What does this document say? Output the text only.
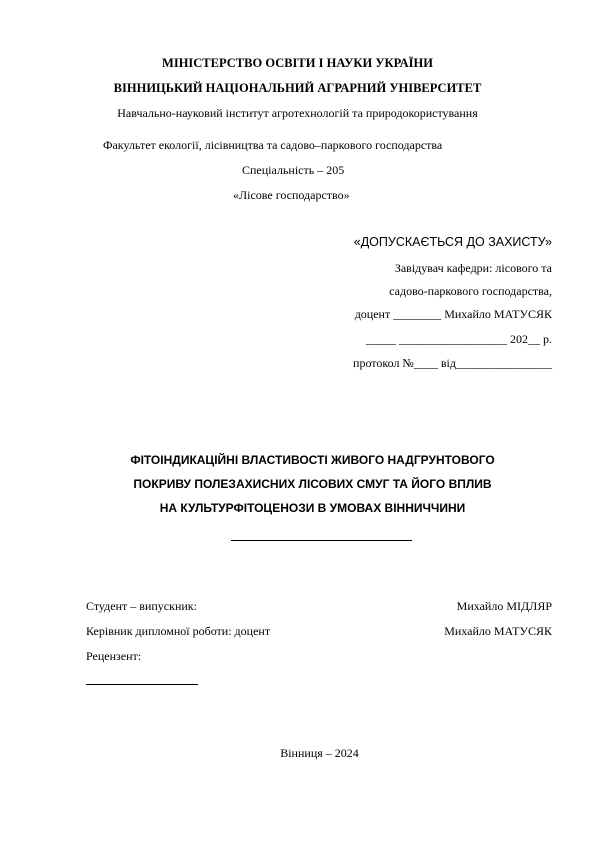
МІНІСТЕРСТВО ОСВІТИ І НАУКИ УКРАЇНИ
ВІННИЦЬКИЙ НАЦІОНАЛЬНИЙ АГРАРНИЙ УНІВЕРСИТЕТ
Навчально-науковий інститут агротехнологій та природокористування
Факультет екології, лісівництва та садово–паркового господарства
Спеціальність – 205
«Лісове господарство»
«ДОПУСКАЄТЬСЯ ДО ЗАХИСТУ»
Завідувач кафедри: лісового та
садово-паркового господарства,
доцент ________ Михайло МАТУСЯК
_____ __________________ 202__ р.
протокол №____ від________________
ФІТОІНДИКАЦІЙНІ ВЛАСТИВОСТІ ЖИВОГО НАДГРУНТОВОГО
ПОКРИВУ ПОЛЕЗАХИСНИХ ЛІСОВИХ СМУГ ТА ЙОГО ВПЛИВ
НА КУЛЬТУРФІТОЦЕНОЗИ В УМОВАХ ВІННИЧЧИНИ
Студент – випускник:	Михайло МІДЛЯР
Керівник дипломної роботи: доцент	Михайло МАТУСЯК
Рецензент:
Вінниця – 2024
